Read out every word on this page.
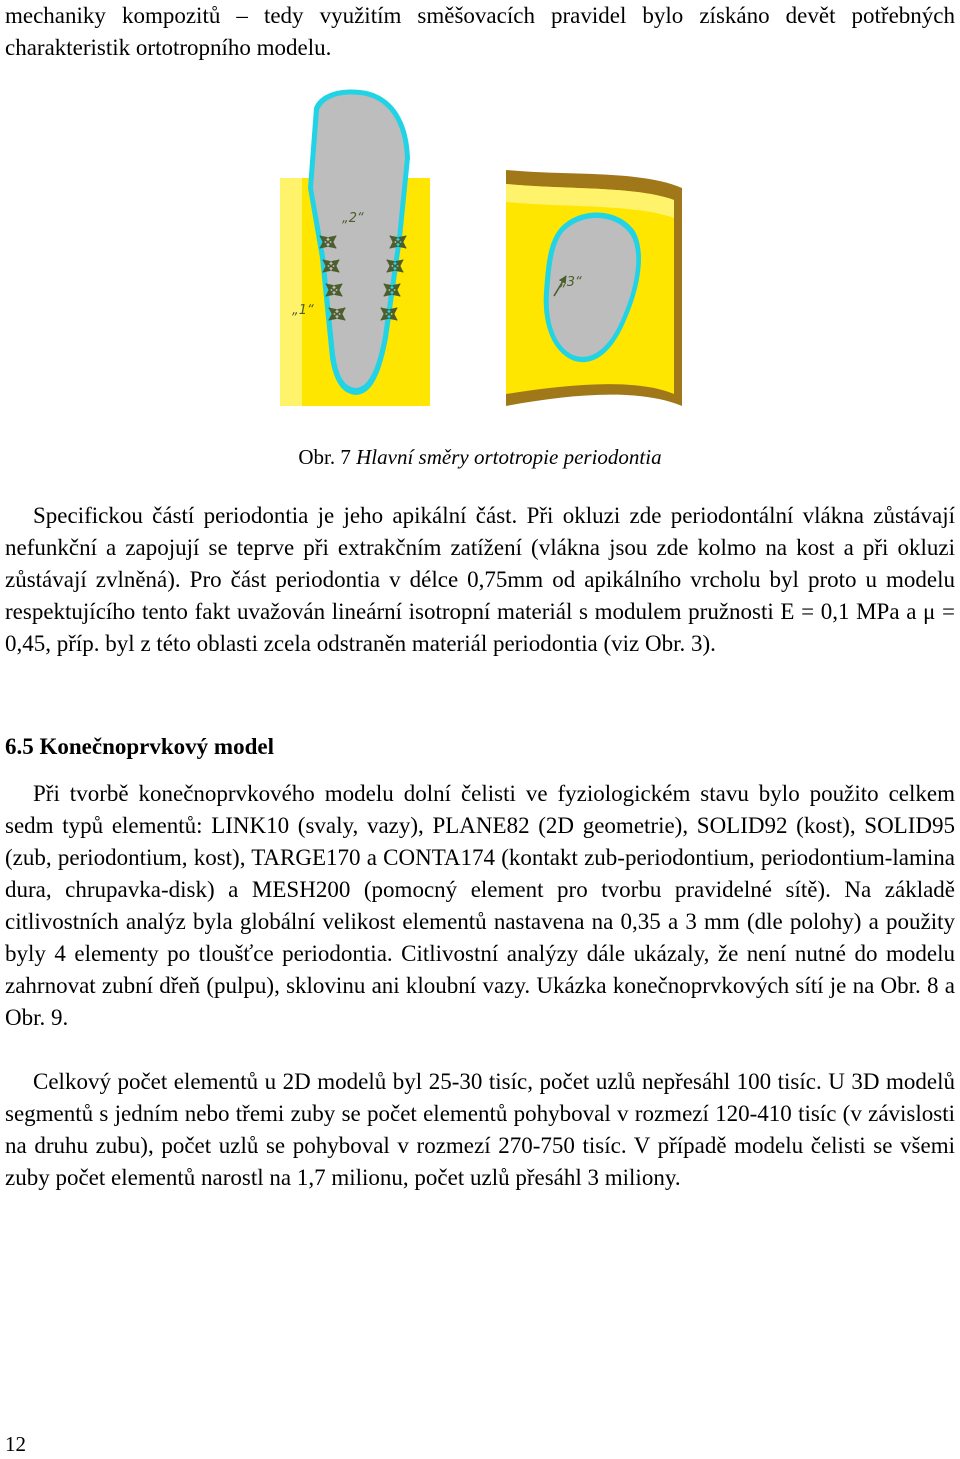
mechaniky kompozitů – tedy využitím směšovacích pravidel bylo získáno devět potřebných charakteristik ortotropního modelu.

„2“
„1“
„3“
Obr. 7 Hlavní směry ortotropie periodontia

Specifickou částí periodontia je jeho apikální část. Při okluzi zde periodontální vlákna zůstávají nefunkční a zapojují se teprve při extrakčním zatížení (vlákna jsou zde kolmo na kost a při okluzi zůstávají zvlněná). Pro část periodontia v délce 0,75mm od apikálního vrcholu byl proto u modelu respektujícího tento fakt uvažován lineární isotropní materiál s modulem pružnosti E = 0,1 MPa a μ = 0,45, příp. byl z této oblasti zcela odstraněn materiál periodontia (viz Obr. 3).

6.5 Konečnoprvkový model

Při tvorbě konečnoprvkového modelu dolní čelisti ve fyziologickém stavu bylo použito celkem sedm typů elementů: LINK10 (svaly, vazy), PLANE82 (2D geometrie), SOLID92 (kost), SOLID95 (zub, periodontium, kost), TARGE170 a CONTA174 (kontakt zub-periodontium, periodontium-lamina dura, chrupavka-disk) a MESH200 (pomocný element pro tvorbu pravidelné sítě). Na základě citlivostních analýz byla globální velikost elementů nastavena na 0,35 a 3 mm (dle polohy) a použity byly 4 elementy po tloušťce periodontia. Citlivostní analýzy dále ukázaly, že není nutné do modelu zahrnovat zubní dřeň (pulpu), sklovinu ani kloubní vazy. Ukázka konečnoprvkových sítí je na Obr. 8 a Obr. 9.

Celkový počet elementů u 2D modelů byl 25-30 tisíc, počet uzlů nepřesáhl 100 tisíc. U 3D modelů segmentů s jedním nebo třemi zuby se počet elementů pohyboval v rozmezí 120-410 tisíc (v závislosti na druhu zubu), počet uzlů se pohyboval v rozmezí 270-750 tisíc. V případě modelu čelisti se všemi zuby počet elementů narostl na 1,7 milionu, počet uzlů přesáhl 3 miliony.

12
